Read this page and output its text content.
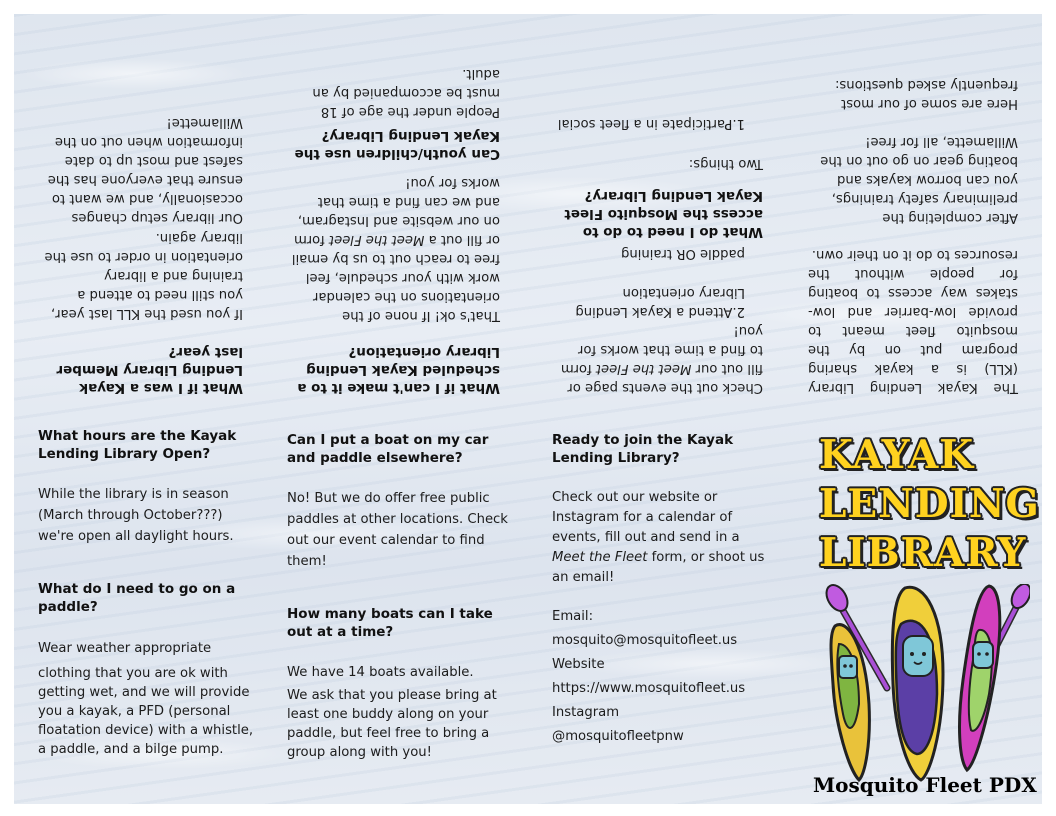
The Kayak Lending Library (KLL) is a kayak sharing program put on by the mosquito fleet meant to provide low-barrier and low-stakes way access to boating for people without the resources to do it on their own.
After completing the preliminary safety trainings, you can borrow kayaks and boating gear on go out on the Willamette, all for free!
Here are some of our most frequently asked questions:
Check out the events page or fill out our Meet the Fleet form to find a time that works for you!
2.Attend a Kayak Lending Library orientation
paddle OR training
What do I need to do to access the Mosquito Fleet Kayak Lending Library?
Two things:
1.Participate in a fleet social
What if I can't make it to a scheduled Kayak Lending Library orientation?
That's ok! If none of the orientations on the calendar work with your schedule, feel free to reach out to us by email or fill out a Meet the Fleet form on our website and Instagram, and we can find a time that works for you!
Can youth/children use the Kayak Lending Library?
People under the age of 18 must be accompanied by an adult.
What if I was a Kayak Lending Library Member last year?
If you used the KLL last year, you still need to attend a training and a library orientation in order to use the library again.
Our library setup changes occasionally, and we want to ensure that everyone has the safest and most up to date information when out on the Willamette!
What hours are the Kayak Lending Library Open?
While the library is in season (March through October???) we're open all daylight hours.
What do I need to go on a paddle?
Wear weather appropriate
clothing that you are ok with getting wet, and we will provide you a kayak, a PFD (personal floatation device) with a whistle, a paddle, and a bilge pump.
Can I put a boat on my car and paddle elsewhere?
No! But we do offer free public paddles at other locations. Check out our event calendar to find them!
How many boats can I take out at a time?
We have 14 boats available.
We ask that you please bring at least one buddy along on your paddle, but feel free to bring a group along with you!
Ready to join the Kayak Lending Library?
Check out our website or Instagram for a calendar of events, fill out and send in a Meet the Fleet form, or shoot us an email!
Email:
mosquito@mosquitofleet.us
Website
https://www.mosquitofleet.us
Instagram
@mosquitofleetpnw
KAYAK
LENDING
LIBRARY
Mosquito Fleet PDX
